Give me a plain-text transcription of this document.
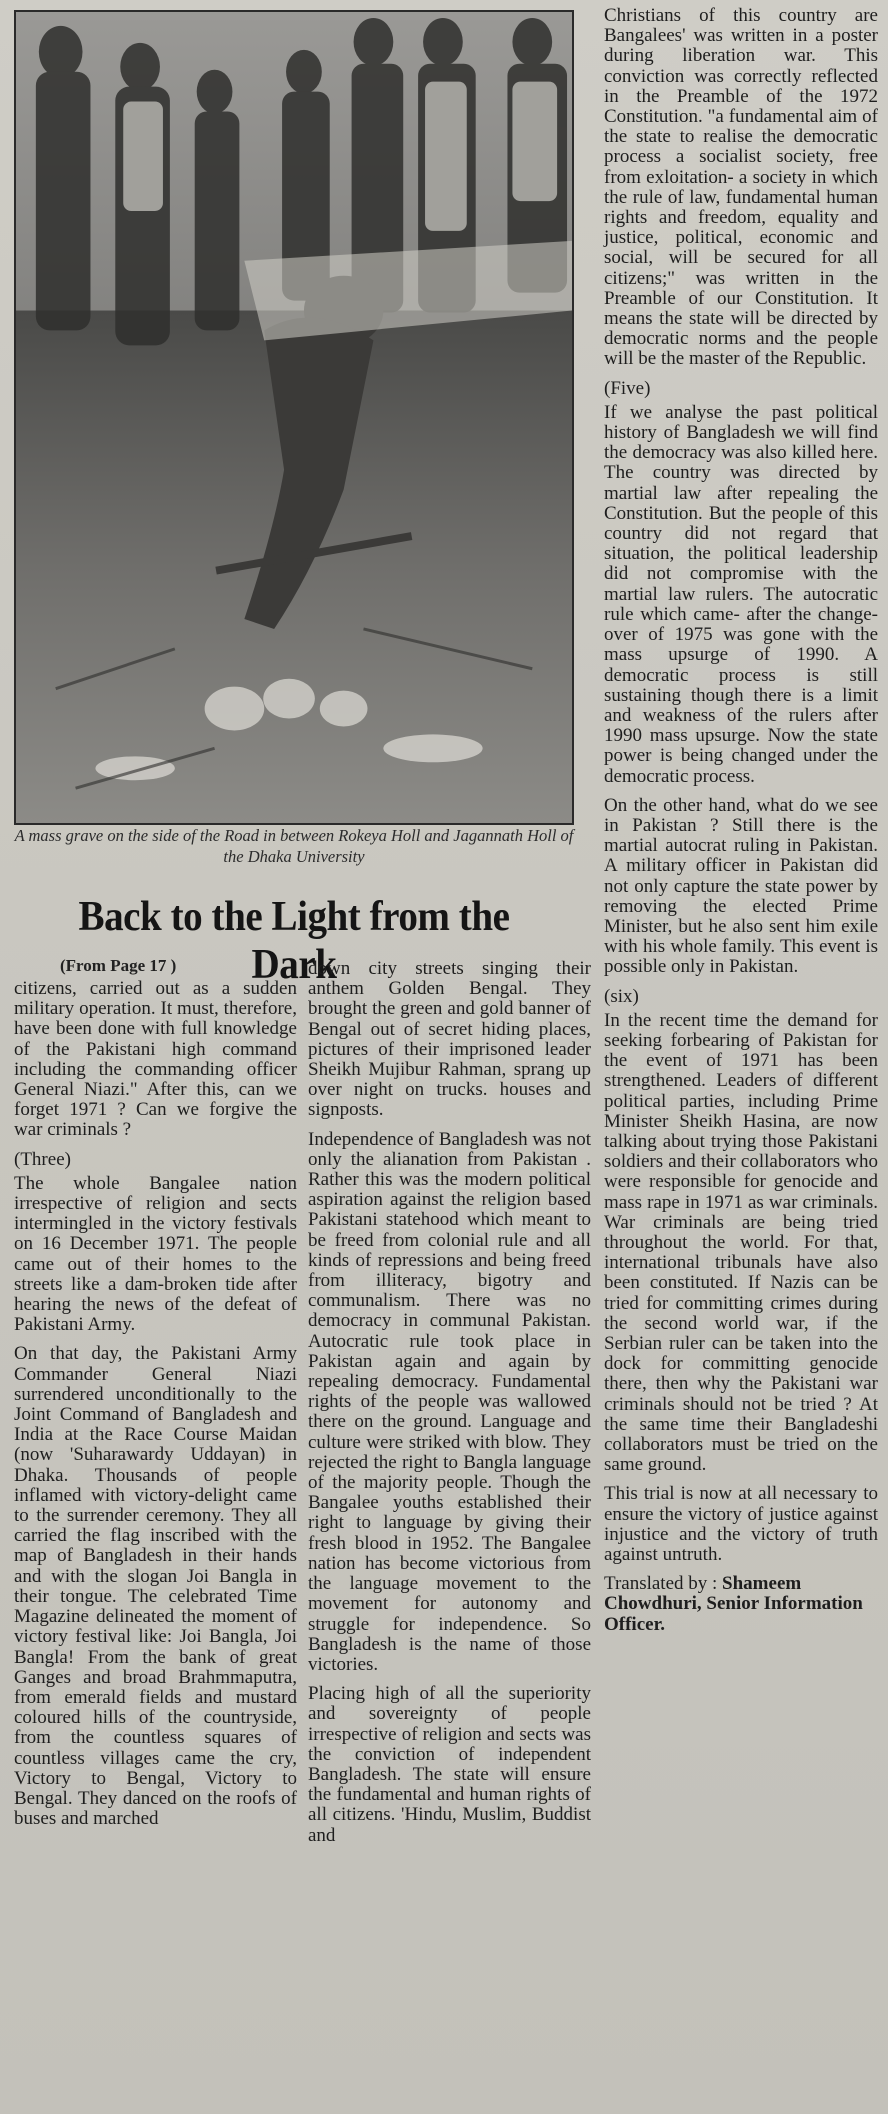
A mass grave on the side of the Road in between Rokeya Holl and Jagannath Holl of the Dhaka University
Back to the Light from the Dark
(From Page 17 )

citizens, carried out as a sudden military operation. It must, therefore, have been done with full knowledge of the Pakistani high command including the commanding officer General Niazi." After this, can we forget 1971 ? Can we forgive the war criminals ?

(Three)

The whole Bangalee nation irrespective of religion and sects intermingled in the victory festivals on 16 December 1971. The people came out of their homes to the streets like a dam-broken tide after hearing the news of the defeat of Pakistani Army.

On that day, the Pakistani Army Commander General Niazi surrendered unconditionally to the Joint Command of Bangladesh and India at the Race Course Maidan (now 'Suharawardy Uddayan) in Dhaka. Thousands of people inflamed with victory-delight came to the surrender ceremony. They all carried the flag inscribed with the map of Bangladesh in their hands and with the slogan Joi Bangla in their tongue. The celebrated Time Magazine delineated the moment of victory festival like: Joi Bangla, Joi Bangla! From the bank of great Ganges and broad Brahmmaputra, from emerald fields and mustard coloured hills of the countryside, from the countless squares of countless villages came the cry, Victory to Bengal, Victory to Bengal. They danced on the roofs of buses and marched

down city streets singing their anthem Golden Bengal. They brought the green and gold banner of Bengal out of secret hiding places, pictures of their imprisoned leader Sheikh Mujibur Rahman, sprang up over night on trucks. houses and signposts.

Independence of Bangladesh was not only the alianation from Pakistan . Rather this was the modern political aspiration against the religion based Pakistani statehood which meant to be freed from colonial rule and all kinds of repressions and being freed from illiteracy, bigotry and communalism. There was no democracy in communal Pakistan. Autocratic rule took place in Pakistan again and again by repealing democracy. Fundamental rights of the people was wallowed there on the ground. Language and culture were striked with blow. They rejected the right to Bangla language of the majority people. Though the Bangalee youths established their right to language by giving their fresh blood in 1952. The Bangalee nation has become victorious from the language movement to the movement for autonomy and struggle for independence. So Bangladesh is the name of those victories.

Placing high of all the superiority and sovereignty of people irrespective of religion and sects was the conviction of independent Bangladesh. The state will ensure the fundamental and human rights of all citizens. 'Hindu, Muslim, Buddist and

Christians of this country are Bangalees' was written in a poster during liberation war. This conviction was correctly reflected in the Preamble of the 1972 Constitution. "a fundamental aim of the state to realise the democratic process a socialist society, free from exloitation- a society in which the rule of law, fundamental human rights and freedom, equality and justice, political, economic and social, will be secured for all citizens;" was written in the Preamble of our Constitution. It means the state will be directed by democratic norms and the people will be the master of the Republic.

(Five)

If we analyse the past political history of Bangladesh we will find the democracy was also killed here. The country was directed by martial law after repealing the Constitution. But the people of this country did not regard that situation, the political leadership did not compromise with the martial law rulers. The autocratic rule which came- after the change-over of 1975 was gone with the mass upsurge of 1990. A democratic process is still sustaining though there is a limit and weakness of the rulers after 1990 mass upsurge. Now the state power is being changed under the democratic process.

On the other hand, what do we see in Pakistan ? Still there is the martial autocrat ruling in Pakistan. A military officer in Pakistan did not only capture the state power by removing the elected Prime Minister, but he also sent him exile with his whole family. This event is possible only in Pakistan.

(six)

In the recent time the demand for seeking forbearing of Pakistan for the event of 1971 has been strengthened. Leaders of different political parties, including Prime Minister Sheikh Hasina, are now talking about trying those Pakistani soldiers and their collaborators who were responsible for genocide and mass rape in 1971 as war criminals. War criminals are being tried throughout the world. For that, international tribunals have also been constituted. If Nazis can be tried for committing crimes during the second world war, if the Serbian ruler can be taken into the dock for committing genocide there, then why the Pakistani war criminals should not be tried ? At the same time their Bangladeshi collaborators must be tried on the same ground.

This trial is now at all necessary to ensure the victory of justice against injustice and the victory of truth against untruth.

Translated by : Shameem Chowdhuri, Senior Information Officer.
